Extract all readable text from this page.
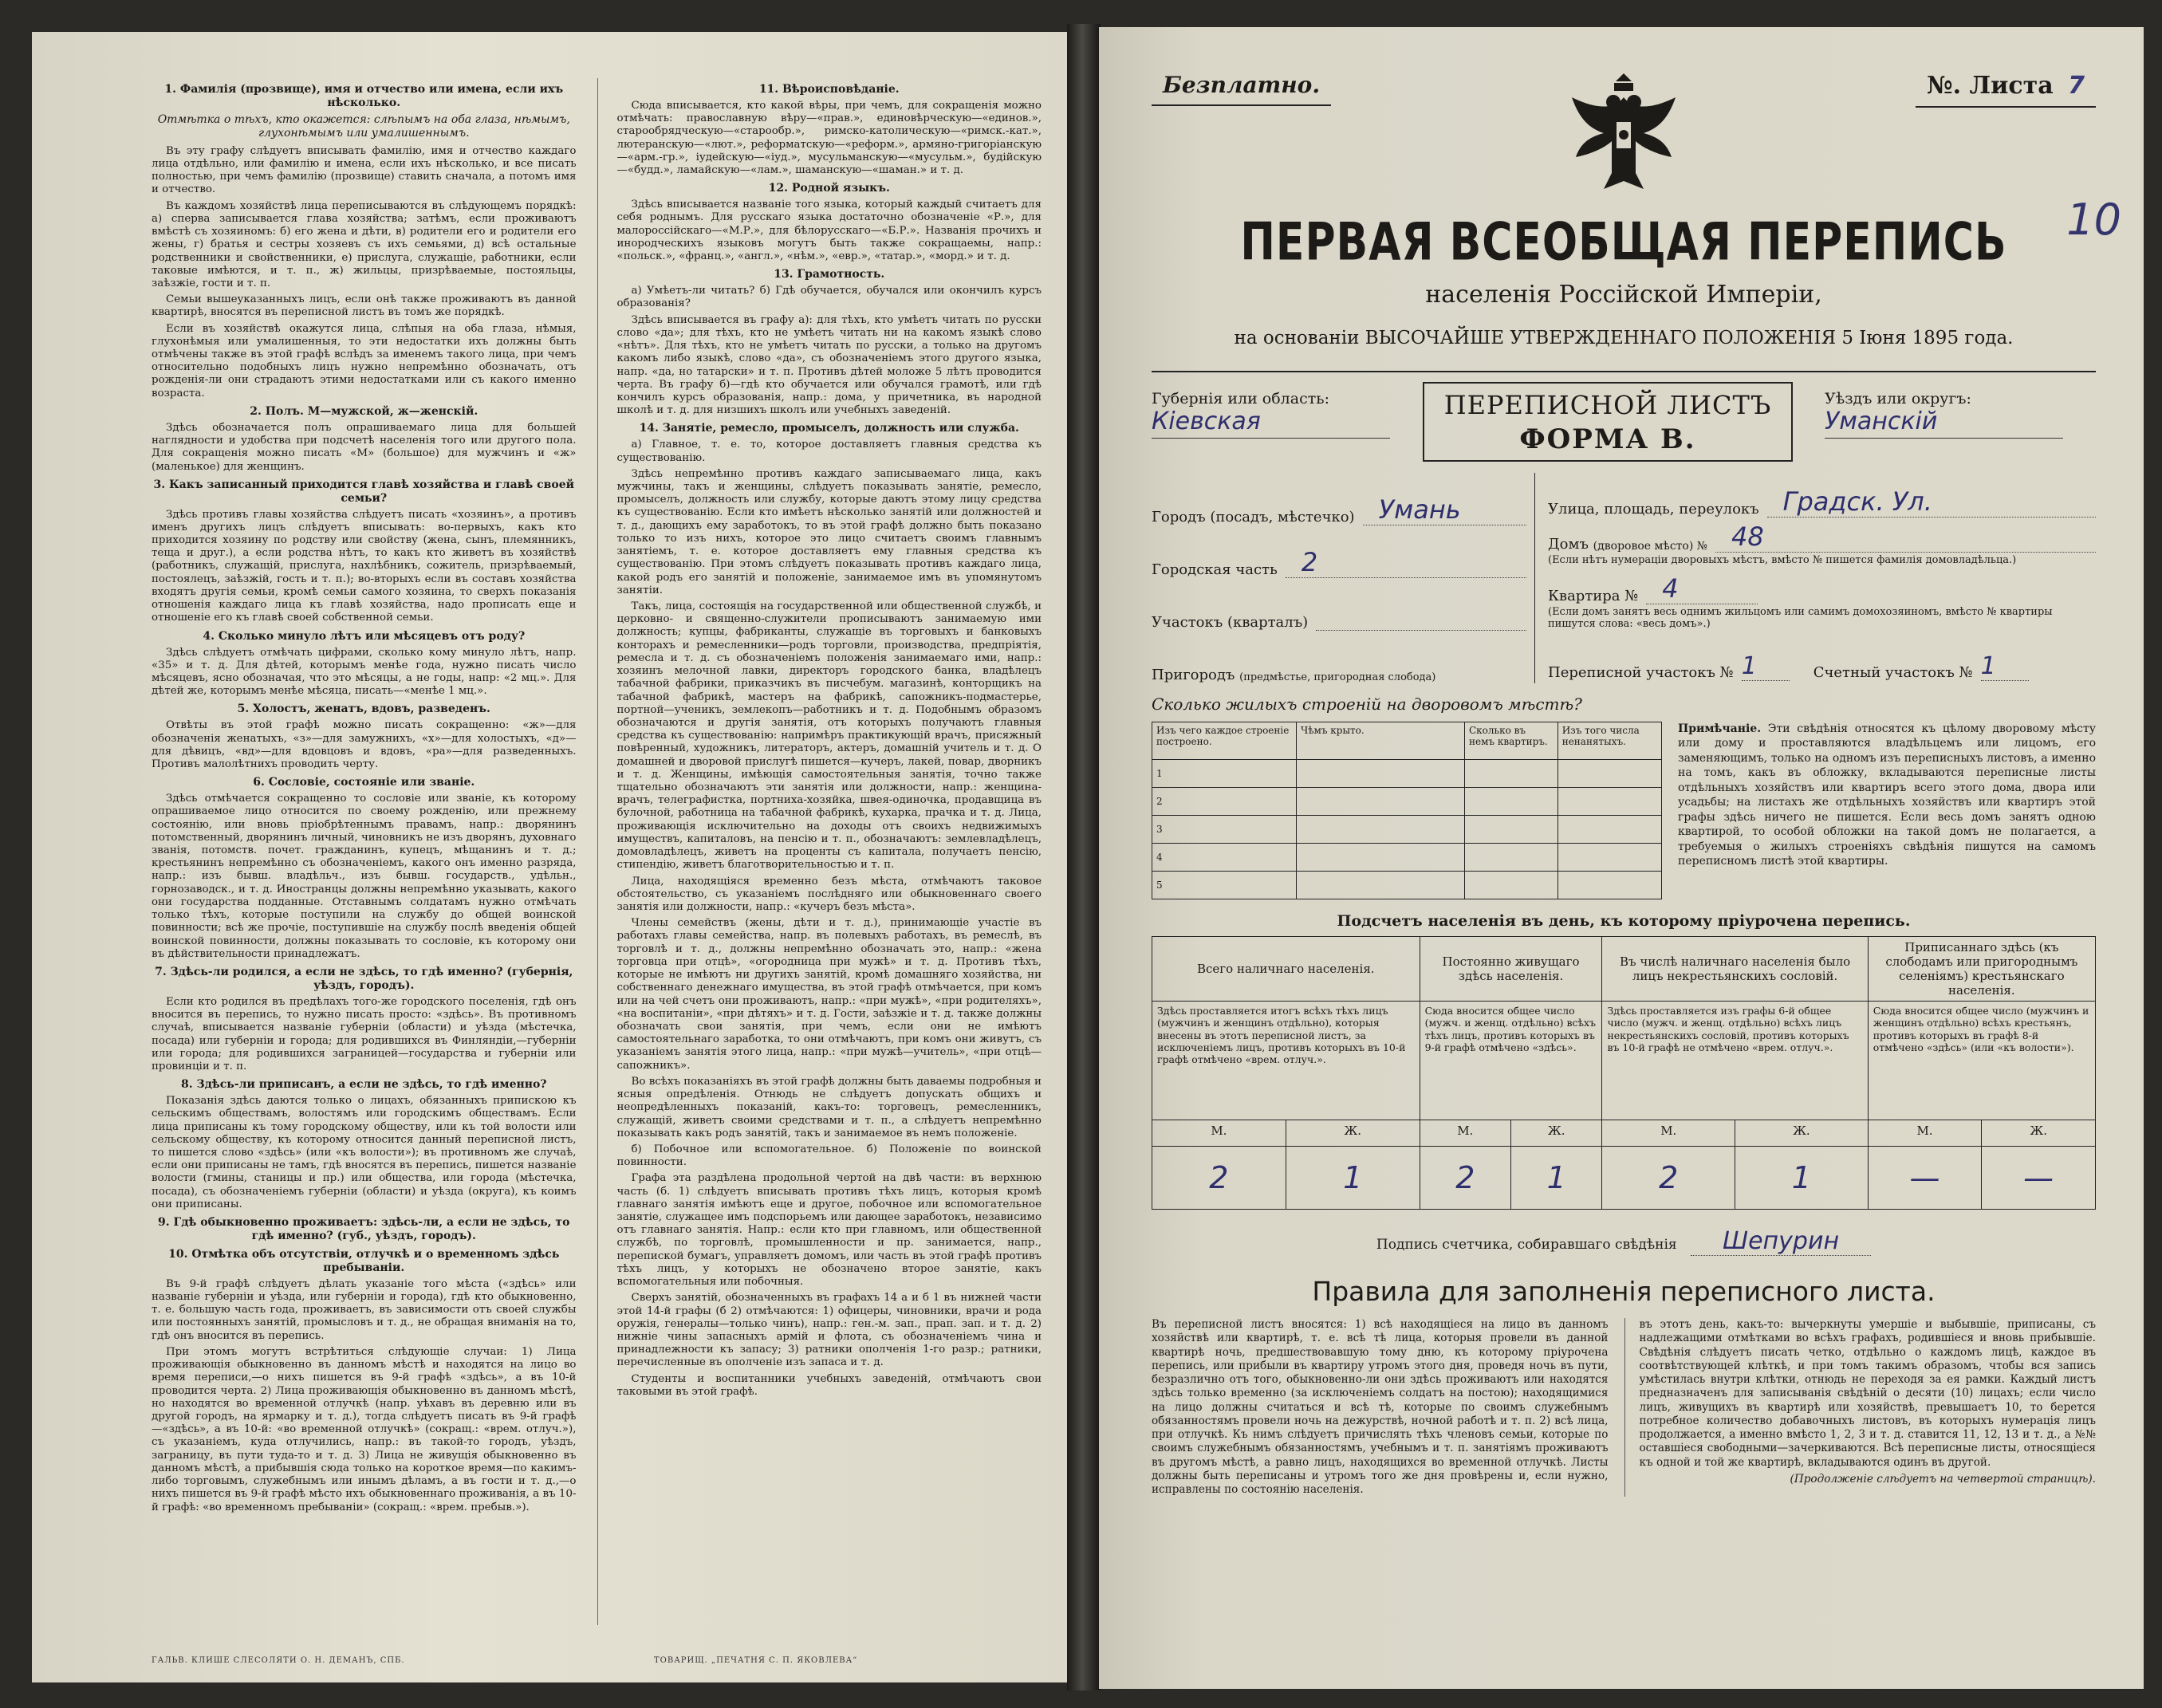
1. Фамилія (прозвище), имя и отчество или имена, если ихъ нѣсколько.
Отмѣтка о тѣхъ, кто окажется: слѣпымъ на оба глаза, нѣмымъ, глухонѣмымъ или умалишеннымъ.
Въ эту графу слѣдуетъ вписывать фамилію, имя и отчество каждаго лица отдѣльно, или фамилію и имена, если ихъ нѣсколько, и все писать полностью, при чемъ фамилію (прозвище) ставить сначала, а потомъ имя и отчество.
Въ каждомъ хозяйствѣ лица переписываются въ слѣдующемъ порядкѣ: а) сперва записывается глава хозяйства; затѣмъ, если проживаютъ вмѣстѣ съ хозяиномъ: б) его жена и дѣти, в) родители его и родители его жены, г) братья и сестры хозяевъ съ ихъ семьями, д) всѣ остальные родственники и свойственники, е) прислуга, служащіе, работники, если таковые имѣются, и т. п., ж) жильцы, призрѣваемые, постояльцы, заѣзжіе, гости и т. п.
Семьи вышеуказанныхъ лицъ, если онѣ также проживаютъ въ данной квартирѣ, вносятся въ переписной листъ въ томъ же порядкѣ.
Если въ хозяйствѣ окажутся лица, слѣпыя на оба глаза, нѣмыя, глухонѣмыя или умалишенныя, то эти недостатки ихъ должны быть отмѣчены также въ этой графѣ вслѣдъ за именемъ такого лица, при чемъ относительно подобныхъ лицъ нужно непремѣнно обозначать, отъ рожденія-ли они страдаютъ этими недостатками или съ какого именно возраста.
2. Полъ. М—мужской, ж—женскій.
Здѣсь обозначается полъ опрашиваемаго лица для большей наглядности и удобства при подсчетѣ населенія того или другого пола. Для сокращенія можно писать «М» (большое) для мужчинъ и «ж» (маленькое) для женщинъ.
3. Какъ записанный приходится главѣ хозяйства и главѣ своей семьи?
Здѣсь противъ главы хозяйства слѣдуетъ писать «хозяинъ», а противъ именъ другихъ лицъ слѣдуетъ вписывать: во-первыхъ, какъ кто приходится хозяину по родству или свойству (жена, сынъ, племянникъ, теща и друг.), а если родства нѣтъ, то какъ кто живетъ въ хозяйствѣ (работникъ, служащій, прислуга, нахлѣбникъ, сожитель, призрѣваемый, постоялецъ, заѣзжій, гость и т. п.); во-вторыхъ если въ составъ хозяйства входятъ другія семьи, кромѣ семьи самого хозяина, то сверхъ показанія отношенія каждаго лица къ главѣ хозяйства, надо прописать еще и отношеніе его къ главѣ своей собственной семьи.
4. Сколько минуло лѣтъ или мѣсяцевъ отъ роду?
Здѣсь слѣдуетъ отмѣчать цифрами, сколько кому минуло лѣтъ, напр. «35» и т. д. Для дѣтей, которымъ менѣе года, нужно писать число мѣсяцевъ, ясно обозначая, что это мѣсяцы, а не годы, напр: «2 мц.». Для дѣтей же, которымъ менѣе мѣсяца, писать—«менѣе 1 мц.».
5. Холостъ, женатъ, вдовъ, разведенъ.
Отвѣты въ этой графѣ можно писать сокращенно: «ж»—для обозначенія женатыхъ, «з»—для замужнихъ, «х»—для холостыхъ, «д»—для дѣвицъ, «вд»—для вдовцовъ и вдовъ, «ра»—для разведенныхъ. Противъ малолѣтнихъ проводить черту.
6. Сословіе, состояніе или званіе.
Здѣсь отмѣчается сокращенно то сословіе или званіе, къ которому опрашиваемое лицо относится по своему рожденію, или прежнему состоянію, или вновь пріобрѣтеннымъ правамъ, напр.: дворянинъ потомственный, дворянинъ личный, чиновникъ не изъ дворянъ, духовнаго званія, потомств. почет. гражданинъ, купецъ, мѣщанинъ и т. д.; крестьянинъ непремѣнно съ обозначеніемъ, какого онъ именно разряда, напр.: изъ бывш. владѣльч., изъ бывш. государств., удѣльн., горнозаводск., и т. д. Иностранцы должны непремѣнно указывать, какого они государства подданные. Отставнымъ солдатамъ нужно отмѣчать только тѣхъ, которые поступили на службу до общей воинской повинности; всѣ же прочіе, поступившіе на службу послѣ введенія общей воинской повинности, должны показывать то сословіе, къ которому они въ дѣйствительности принадлежатъ.
7. Здѣсь-ли родился, а если не здѣсь, то гдѣ именно? (губернія, уѣздъ, городъ).
Если кто родился въ предѣлахъ того-же городского поселенія, гдѣ онъ вносится въ перепись, то нужно писать просто: «здѣсь». Въ противномъ случаѣ, вписывается названіе губерніи (области) и уѣзда (мѣстечка, посада) или губерніи и города; для родившихся въ Финляндіи,—губерніи или города; для родившихся заграницей—государства и губерніи или провинціи и т. п.
8. Здѣсь-ли приписанъ, а если не здѣсь, то гдѣ именно?
Показанія здѣсь даются только о лицахъ, обязанныхъ припискою къ сельскимъ обществамъ, волостямъ или городскимъ обществамъ. Если лица приписаны къ тому городскому обществу, или къ той волости или сельскому обществу, къ которому относится данный переписной листъ, то пишется слово «здѣсь» (или «къ волости»); въ противномъ же случаѣ, если они приписаны не тамъ, гдѣ вносятся въ перепись, пишется названіе волости (гмины, станицы и пр.) или общества, или города (мѣстечка, посада), съ обозначеніемъ губерніи (области) и уѣзда (округа), къ коимъ они приписаны.
9. Гдѣ обыкновенно проживаетъ: здѣсь-ли, а если не здѣсь, то гдѣ именно? (губ., уѣздъ, городъ).
10. Отмѣтка объ отсутствіи, отлучкѣ и о временномъ здѣсь пребываніи.
Въ 9-й графѣ слѣдуетъ дѣлать указаніе того мѣста («здѣсь» или названіе губерніи и уѣзда, или губерніи и города), гдѣ кто обыкновенно, т. е. большую часть года, проживаетъ, въ зависимости отъ своей службы или постоянныхъ занятій, промысловъ и т. д., не обращая вниманія на то, гдѣ онъ вносится въ перепись.
При этомъ могутъ встрѣтиться слѣдующіе случаи: 1) Лица проживающія обыкновенно въ данномъ мѣстѣ и находятся на лицо во время переписи,—о нихъ пишется въ 9-й графѣ «здѣсь», а въ 10-й проводится черта. 2) Лица проживающія обыкновенно въ данномъ мѣстѣ, но находятся во временной отлучкѣ (напр. уѣхавъ въ деревню или въ другой городъ, на ярмарку и т. д.), тогда слѣдуетъ писать въ 9-й графѣ—«здѣсь», а въ 10-й: «во временной отлучкѣ» (сокращ.: «врем. отлуч.»), съ указаніемъ, куда отлучились, напр.: въ такой-то городъ, уѣздъ, заграницу, въ пути туда-то и т. д. 3) Лица не живущія обыкновенно въ данномъ мѣстѣ, а прибывшія сюда только на короткое время—по какимъ-либо торговымъ, служебнымъ или инымъ дѣламъ, а въ гости и т. д.,—о нихъ пишется въ 9-й графѣ мѣсто ихъ обыкновеннаго проживанія, а въ 10-й графѣ: «во временномъ пребываніи» (сокращ.: «врем. пребыв.»).
11. Вѣроисповѣданіе.
Сюда вписывается, кто какой вѣры, при чемъ, для сокращенія можно отмѣчать: православную вѣру—«прав.», единовѣрческую—«единов.», старообрядческую—«старообр.», римско-католическую—«римск.-кат.», лютеранскую—«лют.», реформатскую—«реформ.», армяно-григоріанскую—«арм.-гр.», іудейскую—«іуд.», мусульманскую—«мусульм.», будійскую—«будд.», ламайскую—«лам.», шаманскую—«шаман.» и т. д.
12. Родной языкъ.
Здѣсь вписывается названіе того языка, который каждый считаетъ для себя роднымъ. Для русскаго языка достаточно обозначеніе «Р.», для малороссійскаго—«М.Р.», для бѣлорусскаго—«Б.Р.». Названія прочихъ и инородческихъ языковъ могутъ быть также сокращаемы, напр.: «польск.», «франц.», «англ.», «нѣм.», «евр.», «татар.», «морд.» и т. д.
13. Грамотность.
а) Умѣетъ-ли читать? б) Гдѣ обучается, обучался или окончилъ курсъ образованія?
Здѣсь вписывается въ графу а): для тѣхъ, кто умѣетъ читать по русски слово «да»; для тѣхъ, кто не умѣетъ читать ни на какомъ языкѣ слово «нѣтъ». Для тѣхъ, кто не умѣетъ читать по русски, а только на другомъ какомъ либо языкѣ, слово «да», съ обозначеніемъ этого другого языка, напр. «да, но татарски» и т. п. Противъ дѣтей моложе 5 лѣтъ проводится черта. Въ графу б)—гдѣ кто обучается или обучался грамотѣ, или гдѣ кончилъ курсъ образованія, напр.: дома, у причетника, въ народной школѣ и т. д. для низшихъ школъ или учебныхъ заведеній.
14. Занятіе, ремесло, промыселъ, должность или служба.
а) Главное, т. е. то, которое доставляетъ главныя средства къ существованію.
Здѣсь непремѣнно противъ каждаго записываемаго лица, какъ мужчины, такъ и женщины, слѣдуетъ показывать занятіе, ремесло, промыселъ, должность или службу, которые даютъ этому лицу средства къ существованію. Если кто имѣетъ нѣсколько занятій или должностей и т. д., дающихъ ему заработокъ, то въ этой графѣ должно быть показано только то изъ нихъ, которое это лицо считаетъ своимъ главнымъ занятіемъ, т. е. которое доставляетъ ему главныя средства къ существованію. При этомъ слѣдуетъ показывать противъ каждаго лица, какой родъ его занятій и положеніе, занимаемое имъ въ упомянутомъ занятіи.
Такъ, лица, состоящія на государственной или общественной службѣ, и церковно- и священно-служители прописываютъ занимаемую ими должность; купцы, фабриканты, служащіе въ торговыхъ и банковыхъ конторахъ и ремесленники—родъ торговли, производства, предпріятія, ремесла и т. д. съ обозначеніемъ положенія занимаемаго ими, напр.: хозяинъ мелочной лавки, директоръ городского банка, владѣлецъ табачной фабрики, приказчикъ въ писчебум. магазинѣ, конторщикъ на табачной фабрикѣ, мастеръ на фабрикѣ, сапожникъ-подмастерье, портной—ученикъ, землекопъ—работникъ и т. д. Подобнымъ образомъ обозначаются и другія занятія, отъ которыхъ получаютъ главныя средства къ существованію: напримѣръ практикующій врачъ, присяжный повѣренный, художникъ, литераторъ, актеръ, домашній учитель и т. д. О домашней и дворовой прислугѣ пишется—кучеръ, лакей, повар, дворникъ и т. д. Женщины, имѣющія самостоятельныя занятія, точно также тщательно обозначаютъ эти занятія или должности, напр.: женщина-врачъ, телеграфистка, портниха-хозяйка, швея-одиночка, продавщица въ булочной, работница на табачной фабрикѣ, кухарка, прачка и т. д. Лица, проживающія исключительно на доходы отъ своихъ недвижимыхъ имуществъ, капиталовъ, на пенсію и т. п., обозначаютъ: землевладѣлецъ, домовладѣлецъ, живетъ на проценты съ капитала, получаетъ пенсію, стипендію, живетъ благотворительностью и т. п.
Лица, находящіяся временно безъ мѣста, отмѣчаютъ таковое обстоятельство, съ указаніемъ послѣдняго или обыкновеннаго своего занятія или должности, напр.: «кучеръ безъ мѣста».
Члены семействъ (жены, дѣти и т. д.), принимающіе участіе въ работахъ главы семейства, напр. въ полевыхъ работахъ, въ ремеслѣ, въ торговлѣ и т. д., должны непремѣнно обозначать это, напр.: «жена торговца при отцѣ», «огородница при мужѣ» и т. д. Противъ тѣхъ, которые не имѣютъ ни другихъ занятій, кромѣ домашняго хозяйства, ни собственнаго денежнаго имущества, въ этой графѣ отмѣчается, при комъ или на чей счетъ они проживаютъ, напр.: «при мужѣ», «при родителяхъ», «на воспитаніи», «при дѣтяхъ» и т. д. Гости, заѣзжіе и т. д. также должны обозначать свои занятія, при чемъ, если они не имѣютъ самостоятельнаго заработка, то они отмѣчаютъ, при комъ они живутъ, съ указаніемъ занятія этого лица, напр.: «при мужѣ—учитель», «при отцѣ—сапожникъ».
Во всѣхъ показаніяхъ въ этой графѣ должны быть даваемы подробныя и ясныя опредѣленія. Отнюдь не слѣдуетъ допускать общихъ и неопредѣленныхъ показаній, какъ-то: торговецъ, ремесленникъ, служащій, живетъ своими средствами и т. п., а слѣдуетъ непремѣнно показывать какъ родъ занятій, такъ и занимаемое въ немъ положеніе.
б) Побочное или вспомогательное. б) Положеніе по воинской повинности.
Графа эта раздѣлена продольной чертой на двѣ части: въ верхнюю часть (б. 1) слѣдуетъ вписывать противъ тѣхъ лицъ, которыя кромѣ главнаго занятія имѣютъ еще и другое, побочное или вспомогательное занятіе, служащее имъ подспорьемъ или дающее заработокъ, независимо отъ главнаго занятія. Напр.: если кто при главномъ, или общественной службѣ, по торговлѣ, промышленности и пр. занимается, напр., перепиской бумагъ, управляетъ домомъ, или часть въ этой графѣ противъ тѣхъ лицъ, у которыхъ не обозначено второе занятіе, какъ вспомогательныя или побочныя.
Сверхъ занятій, обозначенныхъ въ графахъ 14 а и б 1 въ нижней части этой 14-й графы (б 2) отмѣчаются: 1) офицеры, чиновники, врачи и рода оружія, генералы—только чинъ), напр.: ген.-м. зап., прап. зап. и т. д. 2) нижніе чины запасныхъ армій и флота, съ обозначеніемъ чина и принадлежности къ запасу; 3) ратники ополченія 1-го разр.; ратники, перечисленные въ ополченіе изъ запаса и т. д.
Студенты и воспитанники учебныхъ заведеній, отмѣчаютъ свои таковыми въ этой графѣ.
ГАЛЬВ. КЛИШЕ СЛЕСОЛЯТИ О. Н. ДЕМАНЪ, СПБ.	ТОВАРИЩ. „ПЕЧАТНЯ С. П. ЯКОВЛЕВА“
Безплатно.	№. Листа 7
10
ПЕРВАЯ ВСЕОБЩАЯ ПЕРЕПИСЬ
населенія Россійской Имперіи,
на основаніи ВЫСОЧАЙШЕ УТВЕРЖДЕННАГО ПОЛОЖЕНІЯ 5 Іюня 1895 года.
Губернія или область:
Кiевская
ПЕРЕПИСНОЙ ЛИСТЪ
ФОРМА В.
Уѣздъ или округъ:
Уманскiй
Городъ (посадъ, мѣстечко) Умань
Городская часть 2
Участокъ (кварталъ)
Пригородъ
(предмѣстье, пригородная слобода)
Улица, площадь, переулокъ Градск. Ул.
Домъ
(дворовое мѣсто) № 48
(Если нѣтъ нумераціи дворовыхъ мѣстъ, вмѣсто № пишется фамилія домовладѣльца.)
Квартира № 4
(Если домъ занятъ весь однимъ жильцомъ или самимъ домохозяиномъ, вмѣсто № квартиры пишутся слова: «весь домъ».)
Переписной участокъ № 1	Счетный участокъ № 1
Сколько жилыхъ строеній на дворовомъ мѣстѣ?
Изъ чего каждое строеніе построено.	Чѣмъ крыто.	Сколько въ немъ квартиръ.	Изъ того числа ненанятыхъ.
1			
2			
3			
4			
5			
Примѣчаніе. Эти свѣдѣнія относятся къ цѣлому дворовому мѣсту или дому и проставляются владѣльцемъ или лицомъ, его заменяющимъ, только на одномъ изъ переписныхъ листовъ, а именно на томъ, какъ въ обложку, вкладываются переписные листы отдѣльныхъ хозяйствъ или квартиръ всего этого дома, двора или усадьбы; на листахъ же отдѣльныхъ хозяйствъ или квартиръ этой графы здѣсь ничего не пишется. Если весь домъ занятъ одною квартирой, то особой обложки на такой домъ не полагается, а требуемыя о жилыхъ строеніяхъ свѣдѣнія пишутся на самомъ переписномъ листѣ этой квартиры.
Подсчетъ населенія въ день, къ которому пріурочена перепись.
Всего наличнаго населенія.		Постоянно живущаго здѣсь населенія.		Въ числѣ наличнаго населенія было лицъ некрестьянскихъ сословій.		Приписаннаго здѣсь (къ слободамъ или пригороднымъ селеніямъ) крестьянскаго населенія.	
Здѣсь проставляется итогъ всѣхъ тѣхъ лицъ (мужчинъ и женщинъ отдѣльно), которыя внесены въ этотъ переписной листъ, за исключеніемъ лицъ, противъ которыхъ въ 10-й графѣ отмѣчено «врем. отлуч.».		Сюда вносится общее число (мужч. и женщ. отдѣльно) всѣхъ тѣхъ лицъ, противъ которыхъ въ 9-й графѣ отмѣчено «здѣсь».		Здѣсь проставляется изъ графы 6-й общее число (мужч. и женщ. отдѣльно) всѣхъ лицъ некрестьянскихъ сословій, противъ которыхъ въ 10-й графѣ не отмѣчено «врем. отлуч.».		Сюда вносится общее число (мужчинъ и женщинъ отдѣльно) всѣхъ крестьянъ, противъ которыхъ въ графѣ 8-й отмѣчено «здѣсь» (или «къ волости»).	
М.	Ж.	М.	Ж.	М.	Ж.	М.	Ж.
2	1	2	1	2	1	—	—
Подпись счетчика, собиравшаго свѣдѣнія Шепурин
Правила для заполненія переписного листа.
Въ переписной листъ вносятся: 1) всѣ находящіеся на лицо въ данномъ хозяйствѣ или квартирѣ, т. е. всѣ тѣ лица, которыя провели въ данной квартирѣ ночь, предшествовавшую тому дню, къ которому пріурочена перепись, или прибыли въ квартиру утромъ этого дня, проведя ночь въ пути, безразлично отъ того, обыкновенно-ли они здѣсь проживаютъ или находятся здѣсь только временно (за исключеніемъ солдатъ на постою); находящимися на лицо должны считаться и всѣ тѣ, которые по своимъ служебнымъ обязанностямъ провели ночь на дежурствѣ, ночной работѣ и т. п. 2) всѣ лица, при отлучкѣ. Къ нимъ слѣдуетъ причислять тѣхъ членовъ семьи, которые по своимъ служебнымъ обязанностямъ, учебнымъ и т. п. занятіямъ проживаютъ въ другомъ мѣстѣ, а равно лицъ, находящихся во временной отлучкѣ. Листы должны быть переписаны и утромъ того же дня провѣрены и, если нужно, исправлены по состоянію населенія.
въ этотъ день, какъ-то: вычеркнуты умершіе и выбывшіе, приписаны, съ надлежащими отмѣтками во всѣхъ графахъ, родившіеся и вновь прибывшіе. Свѣдѣнія слѣдуетъ писать четко, отдѣльно о каждомъ лицѣ, каждое въ соотвѣтствующей клѣткѣ, и при томъ такимъ образомъ, чтобы вся запись умѣстилась внутри клѣтки, отнюдь не переходя за ея рамки. Каждый листъ предназначенъ для записыванія свѣдѣній о десяти (10) лицахъ; если число лицъ, живущихъ въ квартирѣ или хозяйствѣ, превышаетъ 10, то берется потребное количество добавочныхъ листовъ, въ которыхъ нумерація лицъ продолжается, а именно вмѣсто 1, 2, 3 и т. д. ставится 11, 12, 13 и т. д., а №№ оставшіеся свободными—зачеркиваются. Всѣ переписные листы, относящіеся къ одной и той же квартирѣ, вкладываются одинъ въ другой.
(Продолженіе слѣдуетъ на четвертой страницѣ).
